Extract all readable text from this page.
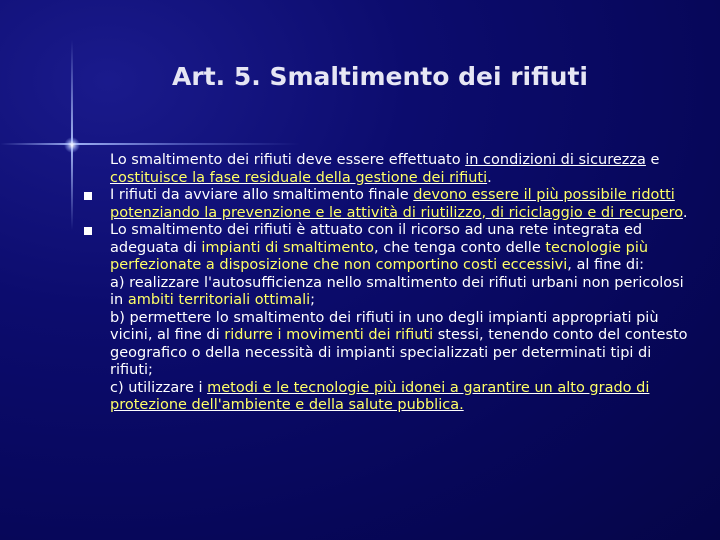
Art. 5. Smaltimento dei rifiuti

Lo smaltimento dei rifiuti deve essere effettuato in condizioni di sicurezza e costituisce la fase residuale della gestione dei rifiuti.

I rifiuti da avviare allo smaltimento finale devono essere il più possibile ridotti potenziando la prevenzione e le attività di riutilizzo, di riciclaggio e di recupero.

Lo smaltimento dei rifiuti è attuato con il ricorso ad una rete integrata ed adeguata di impianti di smaltimento, che tenga conto delle tecnologie più perfezionate a disposizione che non comportino costi eccessivi, al fine di:

a) realizzare l'autosufficienza nello smaltimento dei rifiuti urbani non pericolosi in ambiti territoriali ottimali;

b) permettere lo smaltimento dei rifiuti in uno degli impianti appropriati più vicini, al fine di ridurre i movimenti dei rifiuti stessi, tenendo conto del contesto geografico o della necessità di impianti specializzati per determinati tipi di rifiuti;

c) utilizzare i metodi e le tecnologie più idonei a garantire un alto grado di protezione dell'ambiente e della salute pubblica.
